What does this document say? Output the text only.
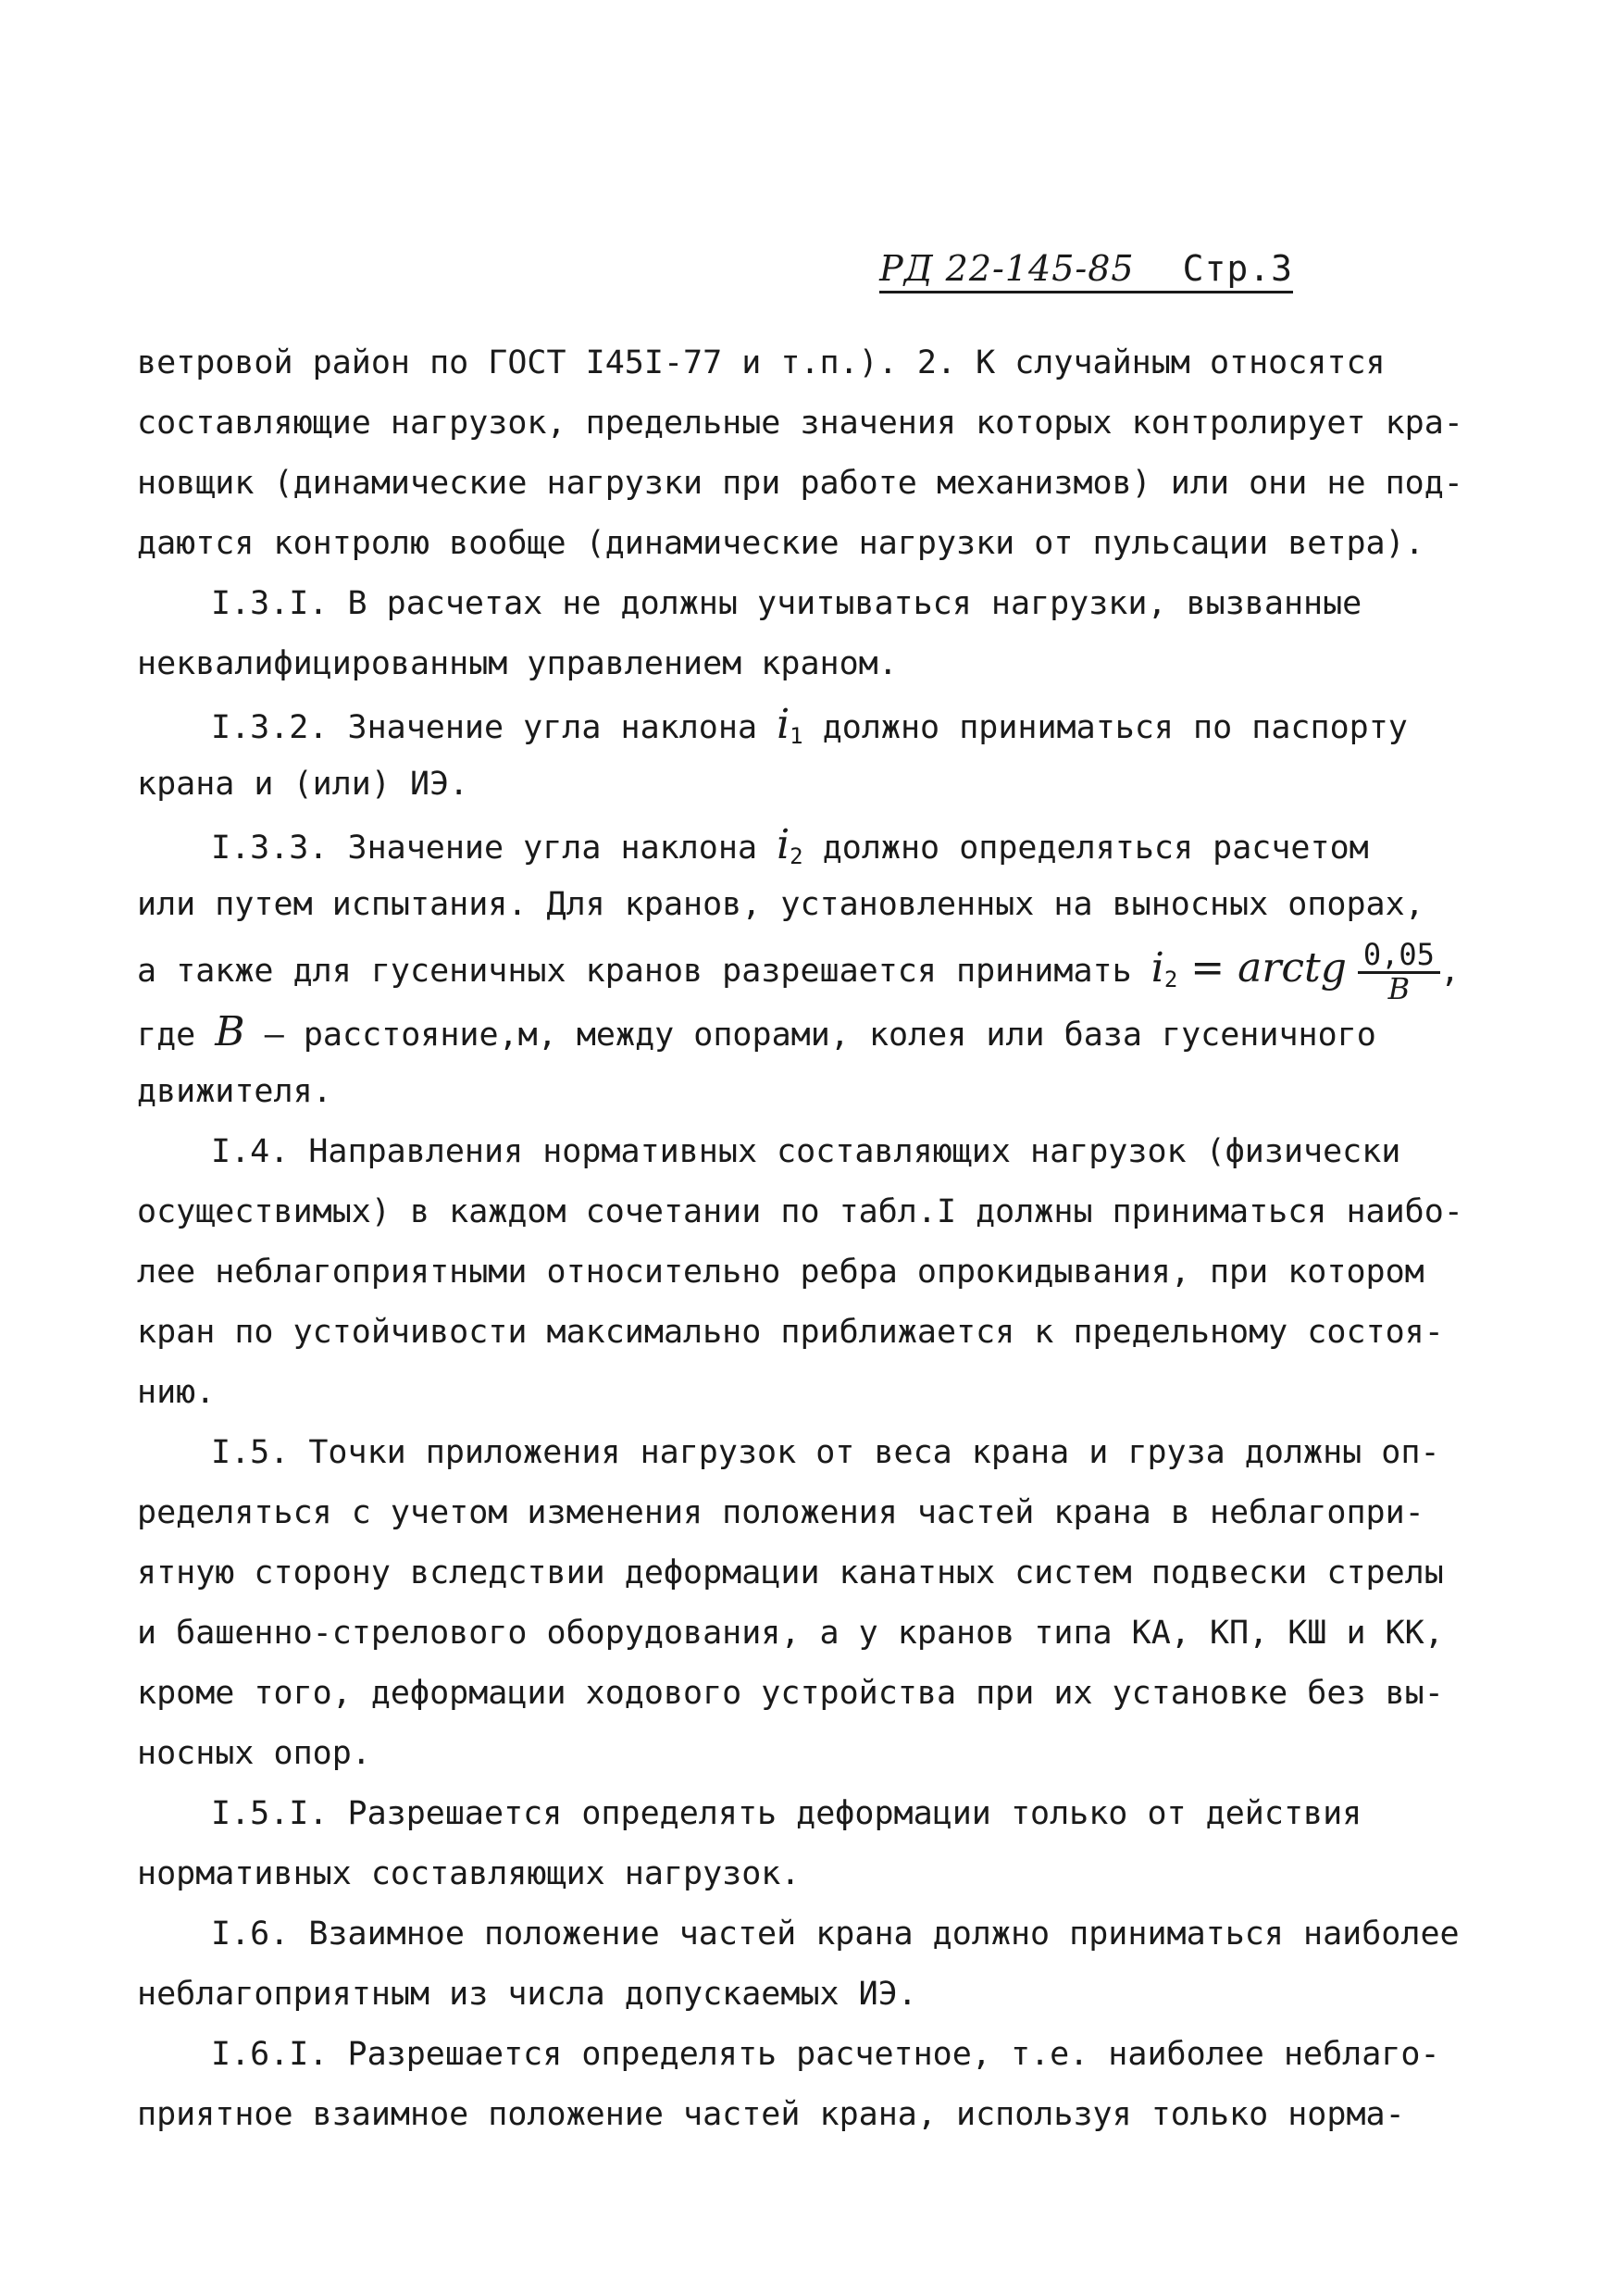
РД 22-145-85 Стр.3
ветровой район по ГОСТ I45I-77 и т.п.). 2. К случайным относятся
составляющие нагрузок, предельные значения которых контролирует кра-
новщик (динамические нагрузки при работе механизмов) или они не под-
даются контролю вообще (динамические нагрузки от пульсации ветра).
I.3.I. В расчетах не должны учитываться нагрузки, вызванные
неквалифицированным управлением краном.
I.3.2. Значение угла наклона $i_1$ должно приниматься по паспорту
крана и (или) ИЭ.
I.3.3. Значение угла наклона $i_2$ должно определяться расчетом
или путем испытания. Для кранов, установленных на выносных опорах,
а также для гусеничных кранов разрешается принимать $i_2$ = arctg $\frac{0,05}{B}$ ,
где B – расстояние,м, между опорами, колея или база гусеничного
движителя.
I.4. Направления нормативных составляющих нагрузок (физически
осуществимых) в каждом сочетании по табл.I должны приниматься наибо-
лее неблагоприятными относительно ребра опрокидывания, при котором
кран по устойчивости максимально приближается к предельному состоя-
нию.
I.5. Точки приложения нагрузок от веса крана и груза должны оп-
ределяться с учетом изменения положения частей крана в неблагопри-
ятную сторону вследствии деформации канатных систем подвески стрелы
и башенно-стрелового оборудования, а у кранов типа КА, КП, КШ и КК,
кроме того, деформации ходового устройства при их установке без вы-
носных опор.
I.5.I. Разрешается определять деформации только от действия
нормативных составляющих нагрузок.
I.6. Взаимное положение частей крана должно приниматься наиболее
неблагоприятным из числа допускаемых ИЭ.
I.6.I. Разрешается определять расчетное, т.е. наиболее неблаго-
приятное взаимное положение частей крана, используя только норма-
